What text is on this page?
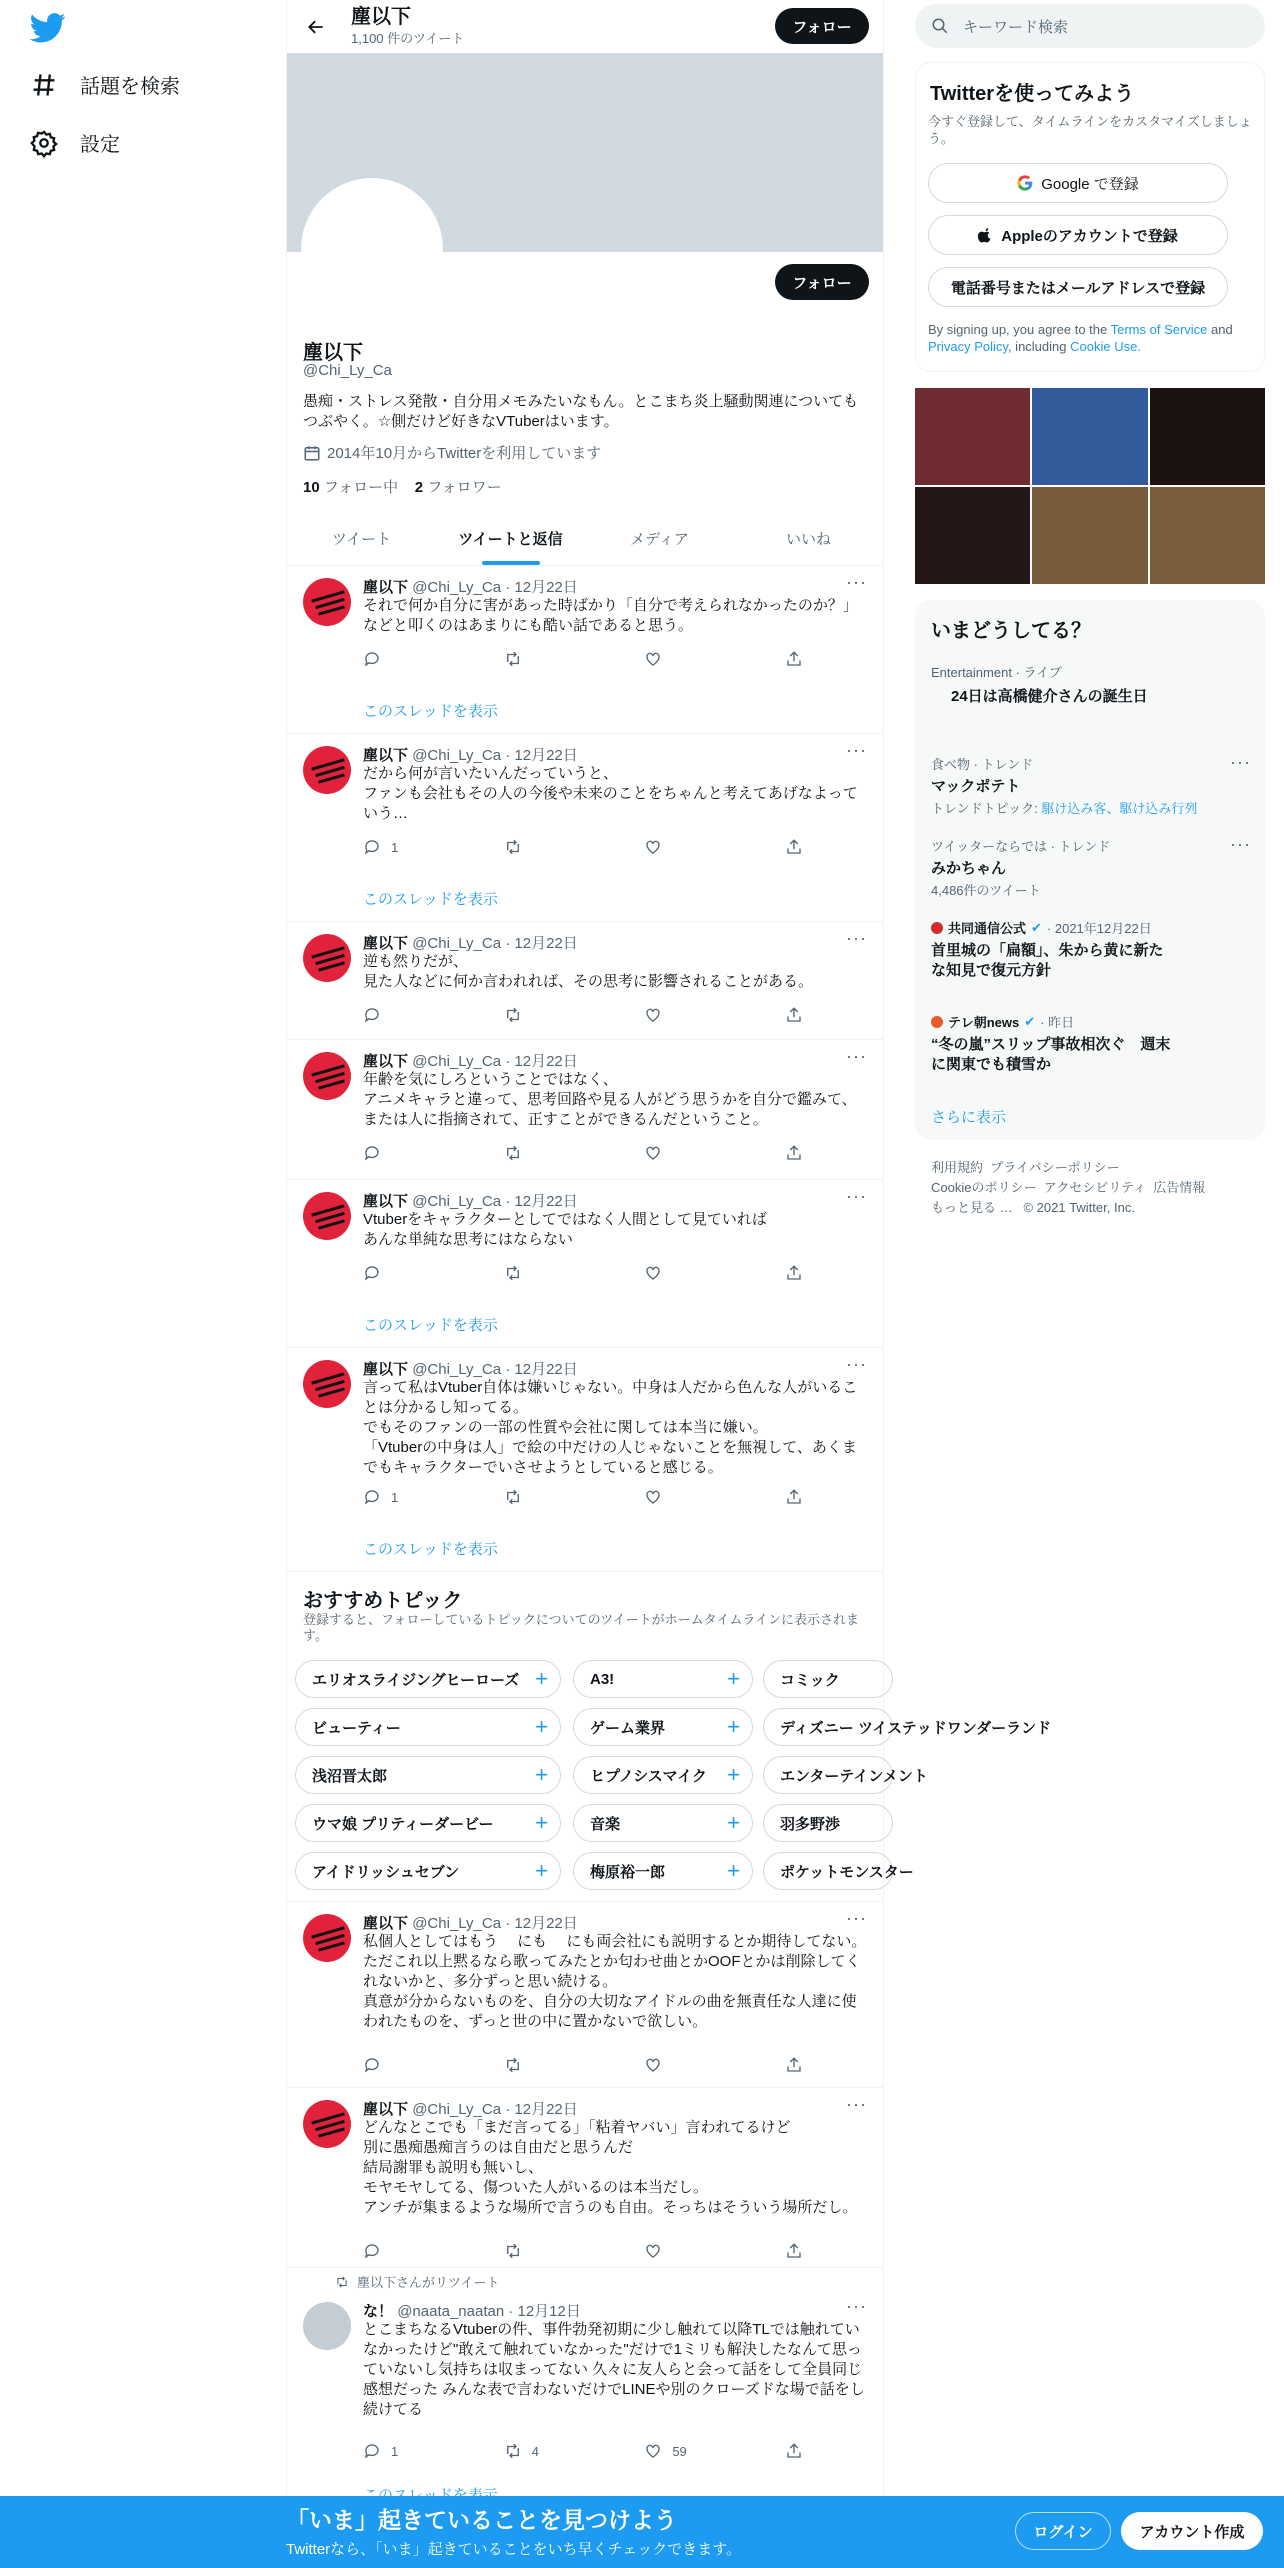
話題を検索
設定
塵以下
1,100 件のツイート
フォロー
フォロー
塵以下
@Chi_Ly_Ca
愚痴・ストレス発散・自分用メモみたいなもん。とこまち炎上騒動関連についてもつぶやく。☆側だけど好きなVTuberはいます。
2014年10月からTwitterを利用しています
10 フォロー中 2 フォロワー
ツイート	ツイートと返信	メディア	いいね
塵以下 @Chi_Ly_Ca · 12月22日	···
それで何か自分に害があった時ばかり「自分で考えられなかったのか？」などと叩くのはあまりにも酷い話であると思う。
このスレッドを表示
塵以下 @Chi_Ly_Ca · 12月22日	···
だから何が言いたいんだっていうと、
ファンも会社もその人の今後や未来のことをちゃんと考えてあげなよっていう…
1
このスレッドを表示
塵以下 @Chi_Ly_Ca · 12月22日	···
逆も然りだが、
見た人などに何か言われれば、その思考に影響されることがある。
塵以下 @Chi_Ly_Ca · 12月22日	···
年齢を気にしろということではなく、
アニメキャラと違って、思考回路や見る人がどう思うかを自分で鑑みて、または人に指摘されて、正すことができるんだということ。
塵以下 @Chi_Ly_Ca · 12月22日	···
Vtuberをキャラクターとしてではなく人間として見ていれば
あんな単純な思考にはならない
このスレッドを表示
塵以下 @Chi_Ly_Ca · 12月22日	···
言って私はVtuber自体は嫌いじゃない。中身は人だから色んな人がいることは分かるし知ってる。
でもそのファンの一部の性質や会社に関しては本当に嫌い。
「Vtuberの中身は人」で絵の中だけの人じゃないことを無視して、あくまでもキャラクターでいさせようとしていると感じる。
1
このスレッドを表示
塵以下 @Chi_Ly_Ca · 12月22日	···
私個人としてはもう　 にも　 にも両会社にも説明するとか期待してない。ただこれ以上黙るなら歌ってみたとか匂わせ曲とかOOFとかは削除してくれないかと、多分ずっと思い続ける。
真意が分からないものを、自分の大切なアイドルの曲を無責任な人達に使われたものを、ずっと世の中に置かないで欲しい。
塵以下 @Chi_Ly_Ca · 12月22日	···
どんなとこでも「まだ言ってる」「粘着ヤバい」言われてるけど
別に愚痴愚痴言うのは自由だと思うんだ
結局謝罪も説明も無いし、
モヤモヤしてる、傷ついた人がいるのは本当だし。
アンチが集まるような場所で言うのも自由。そっちはそういう場所だし。
塵以下さんがリツイート
な！ @naata_naatan · 12月12日	···
とこまちなるVtuberの件、事件勃発初期に少し触れて以降TLでは触れていなかったけど"敢えて触れていなかった"だけで1ミリも解決したなんて思っていないし気持ちは収まってない 久々に友人らと会って話をして全員同じ感想だった みんな表で言わないだけでLINEや別のクローズドな場で話をし続けてる
1	4	59
おすすめトピック
登録すると、フォローしているトピックについてのツイートがホームタイムラインに表示されます。
エリオスライジングヒーローズ +	A3!	+	コミック
ビューティー	+	ゲーム業界	+	ディズニー ツイステッドワンダーランド
浅沼晋太郎	+	ヒプノシスマイク +	エンターテインメント
ウマ娘 プリティーダービー +	音楽	+	羽多野渉
アイドリッシュセブン	+	梅原裕一郎	+	ポケットモンスター
キーワード検索
Twitterを使ってみよう
今すぐ登録して、タイムラインをカスタマイズしましょう。
Google で登録
Appleのアカウントで登録
電話番号またはメールアドレスで登録
By signing up, you agree to the Terms of Service and Privacy Policy, including Cookie Use.
いまどうしてる？
Entertainment · ライブ
24日は高橋健介さんの誕生日
食べ物 · トレンド
マックポテト
トレンドトピック: 駆け込み客、駆け込み行列
···
ツイッターならでは · トレンド
みかちゃん
4,486件のツイート
···
共同通信公式 ✔ · 2021年12月22日
首里城の「扁額」、朱から黄に新たな知見で復元方針
テレ朝news ✔ · 昨日
“冬の嵐”スリップ事故相次ぐ　週末に関東でも積雪か
さらに表示
利用規約 プライバシーポリシー
Cookieのポリシー アクセシビリティ 広告情報
もっと見る … © 2021 Twitter, Inc.
「いま」起きていることを見つけよう
Twitterなら、「いま」起きていることをいち早くチェックできます。
ログイン	アカウント作成
